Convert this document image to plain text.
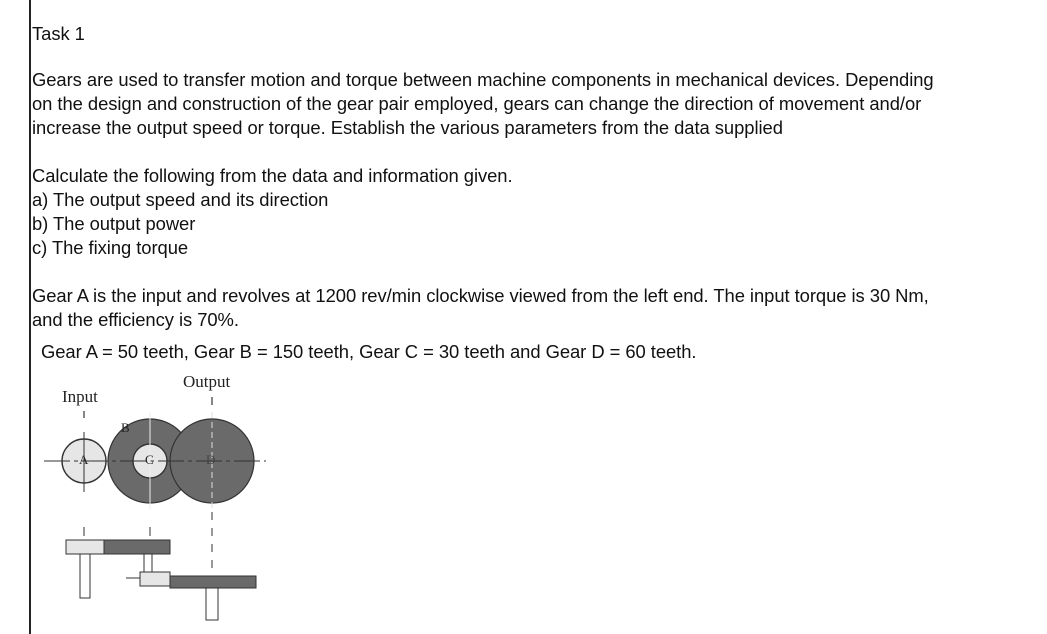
Task 1
Gears are used to transfer motion and torque between machine components in mechanical devices. Depending
on the design and construction of the gear pair employed, gears can change the direction of movement and/or
increase the output speed or torque. Establish the various parameters from the data supplied
Calculate the following from the data and information given.
a) The output speed and its direction
b) The output power
c) The fixing torque
Gear A is the input and revolves at 1200 rev/min clockwise viewed from the left end. The input torque is 30 Nm,
and the efficiency is 70%.
Gear A = 50 teeth, Gear B = 150 teeth, Gear C = 30 teeth and Gear D = 60 teeth.
Input
Output
B
A	C	D
